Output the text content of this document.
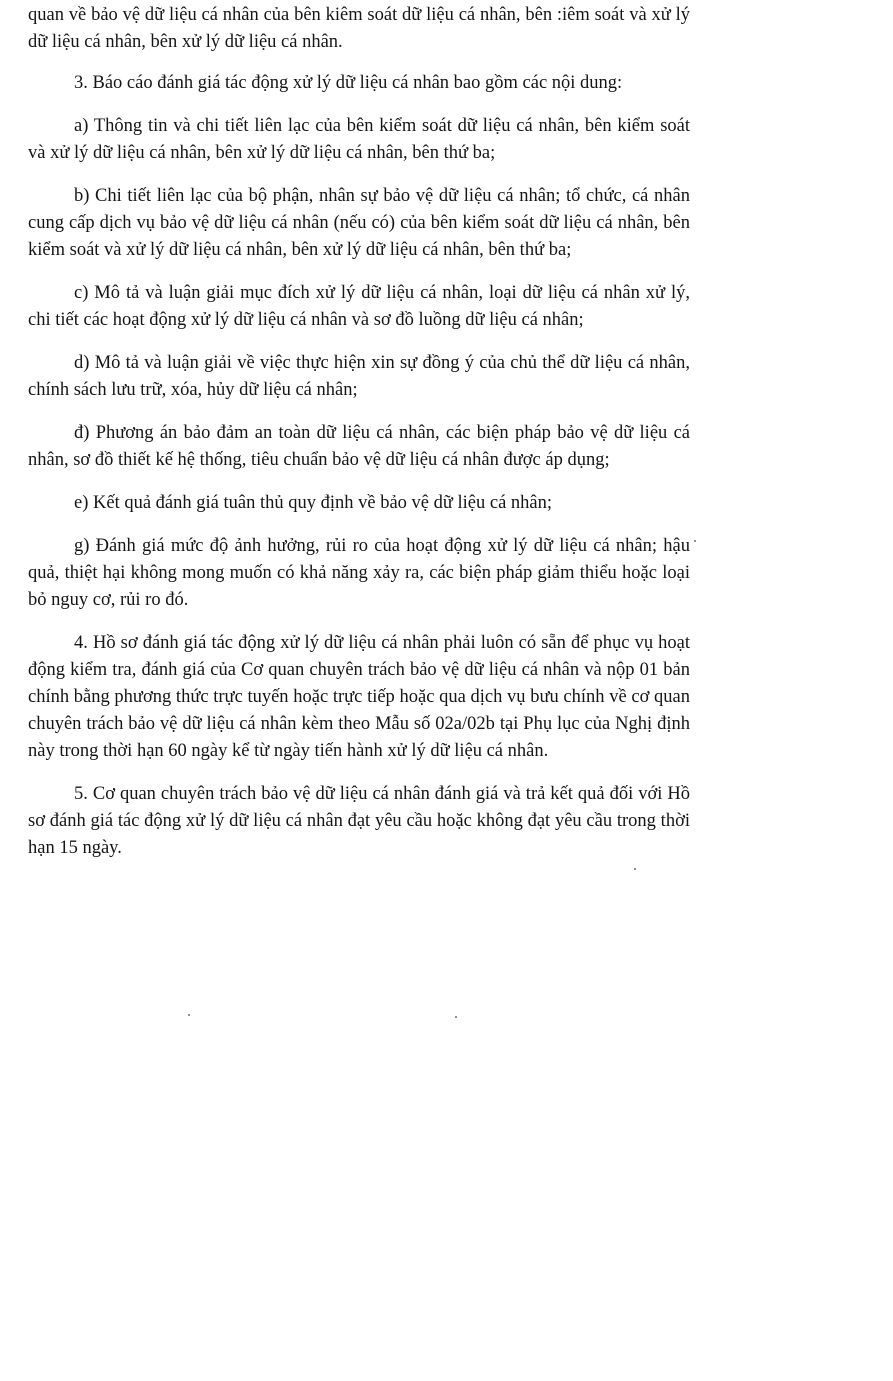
quan về bảo vệ dữ liệu cá nhân của bên kiêm soát dữ liệu cá nhân, bên :iêm soát và xử lý dữ liệu cá nhân, bên xử lý dữ liệu cá nhân.

3. Báo cáo đánh giá tác động xử lý dữ liệu cá nhân bao gồm các nội dung:

a) Thông tin và chi tiết liên lạc của bên kiểm soát dữ liệu cá nhân, bên kiểm soát và xử lý dữ liệu cá nhân, bên xử lý dữ liệu cá nhân, bên thứ ba;

b) Chi tiết liên lạc của bộ phận, nhân sự bảo vệ dữ liệu cá nhân; tổ chức, cá nhân cung cấp dịch vụ bảo vệ dữ liệu cá nhân (nếu có) của bên kiểm soát dữ liệu cá nhân, bên kiểm soát và xử lý dữ liệu cá nhân, bên xử lý dữ liệu cá nhân, bên thứ ba;

c) Mô tả và luận giải mục đích xử lý dữ liệu cá nhân, loại dữ liệu cá nhân xử lý, chi tiết các hoạt động xử lý dữ liệu cá nhân và sơ đồ luồng dữ liệu cá nhân;

d) Mô tả và luận giải về việc thực hiện xin sự đồng ý của chủ thể dữ liệu cá nhân, chính sách lưu trữ, xóa, hủy dữ liệu cá nhân;

đ) Phương án bảo đảm an toàn dữ liệu cá nhân, các biện pháp bảo vệ dữ liệu cá nhân, sơ đồ thiết kế hệ thống, tiêu chuẩn bảo vệ dữ liệu cá nhân được áp dụng;

e) Kết quả đánh giá tuân thủ quy định về bảo vệ dữ liệu cá nhân;

g) Đánh giá mức độ ảnh hưởng, rủi ro của hoạt động xử lý dữ liệu cá nhân; hậu quả, thiệt hại không mong muốn có khả năng xảy ra, các biện pháp giảm thiểu hoặc loại bỏ nguy cơ, rủi ro đó.

4. Hồ sơ đánh giá tác động xử lý dữ liệu cá nhân phải luôn có sẵn để phục vụ hoạt động kiểm tra, đánh giá của Cơ quan chuyên trách bảo vệ dữ liệu cá nhân và nộp 01 bản chính bằng phương thức trực tuyến hoặc trực tiếp hoặc qua dịch vụ bưu chính về cơ quan chuyên trách bảo vệ dữ liệu cá nhân kèm theo Mẫu số 02a/02b tại Phụ lục của Nghị định này trong thời hạn 60 ngày kể từ ngày tiến hành xử lý dữ liệu cá nhân.

5. Cơ quan chuyên trách bảo vệ dữ liệu cá nhân đánh giá và trả kết quả đối với Hồ sơ đánh giá tác động xử lý dữ liệu cá nhân đạt yêu cầu hoặc không đạt yêu cầu trong thời hạn 15 ngày.
